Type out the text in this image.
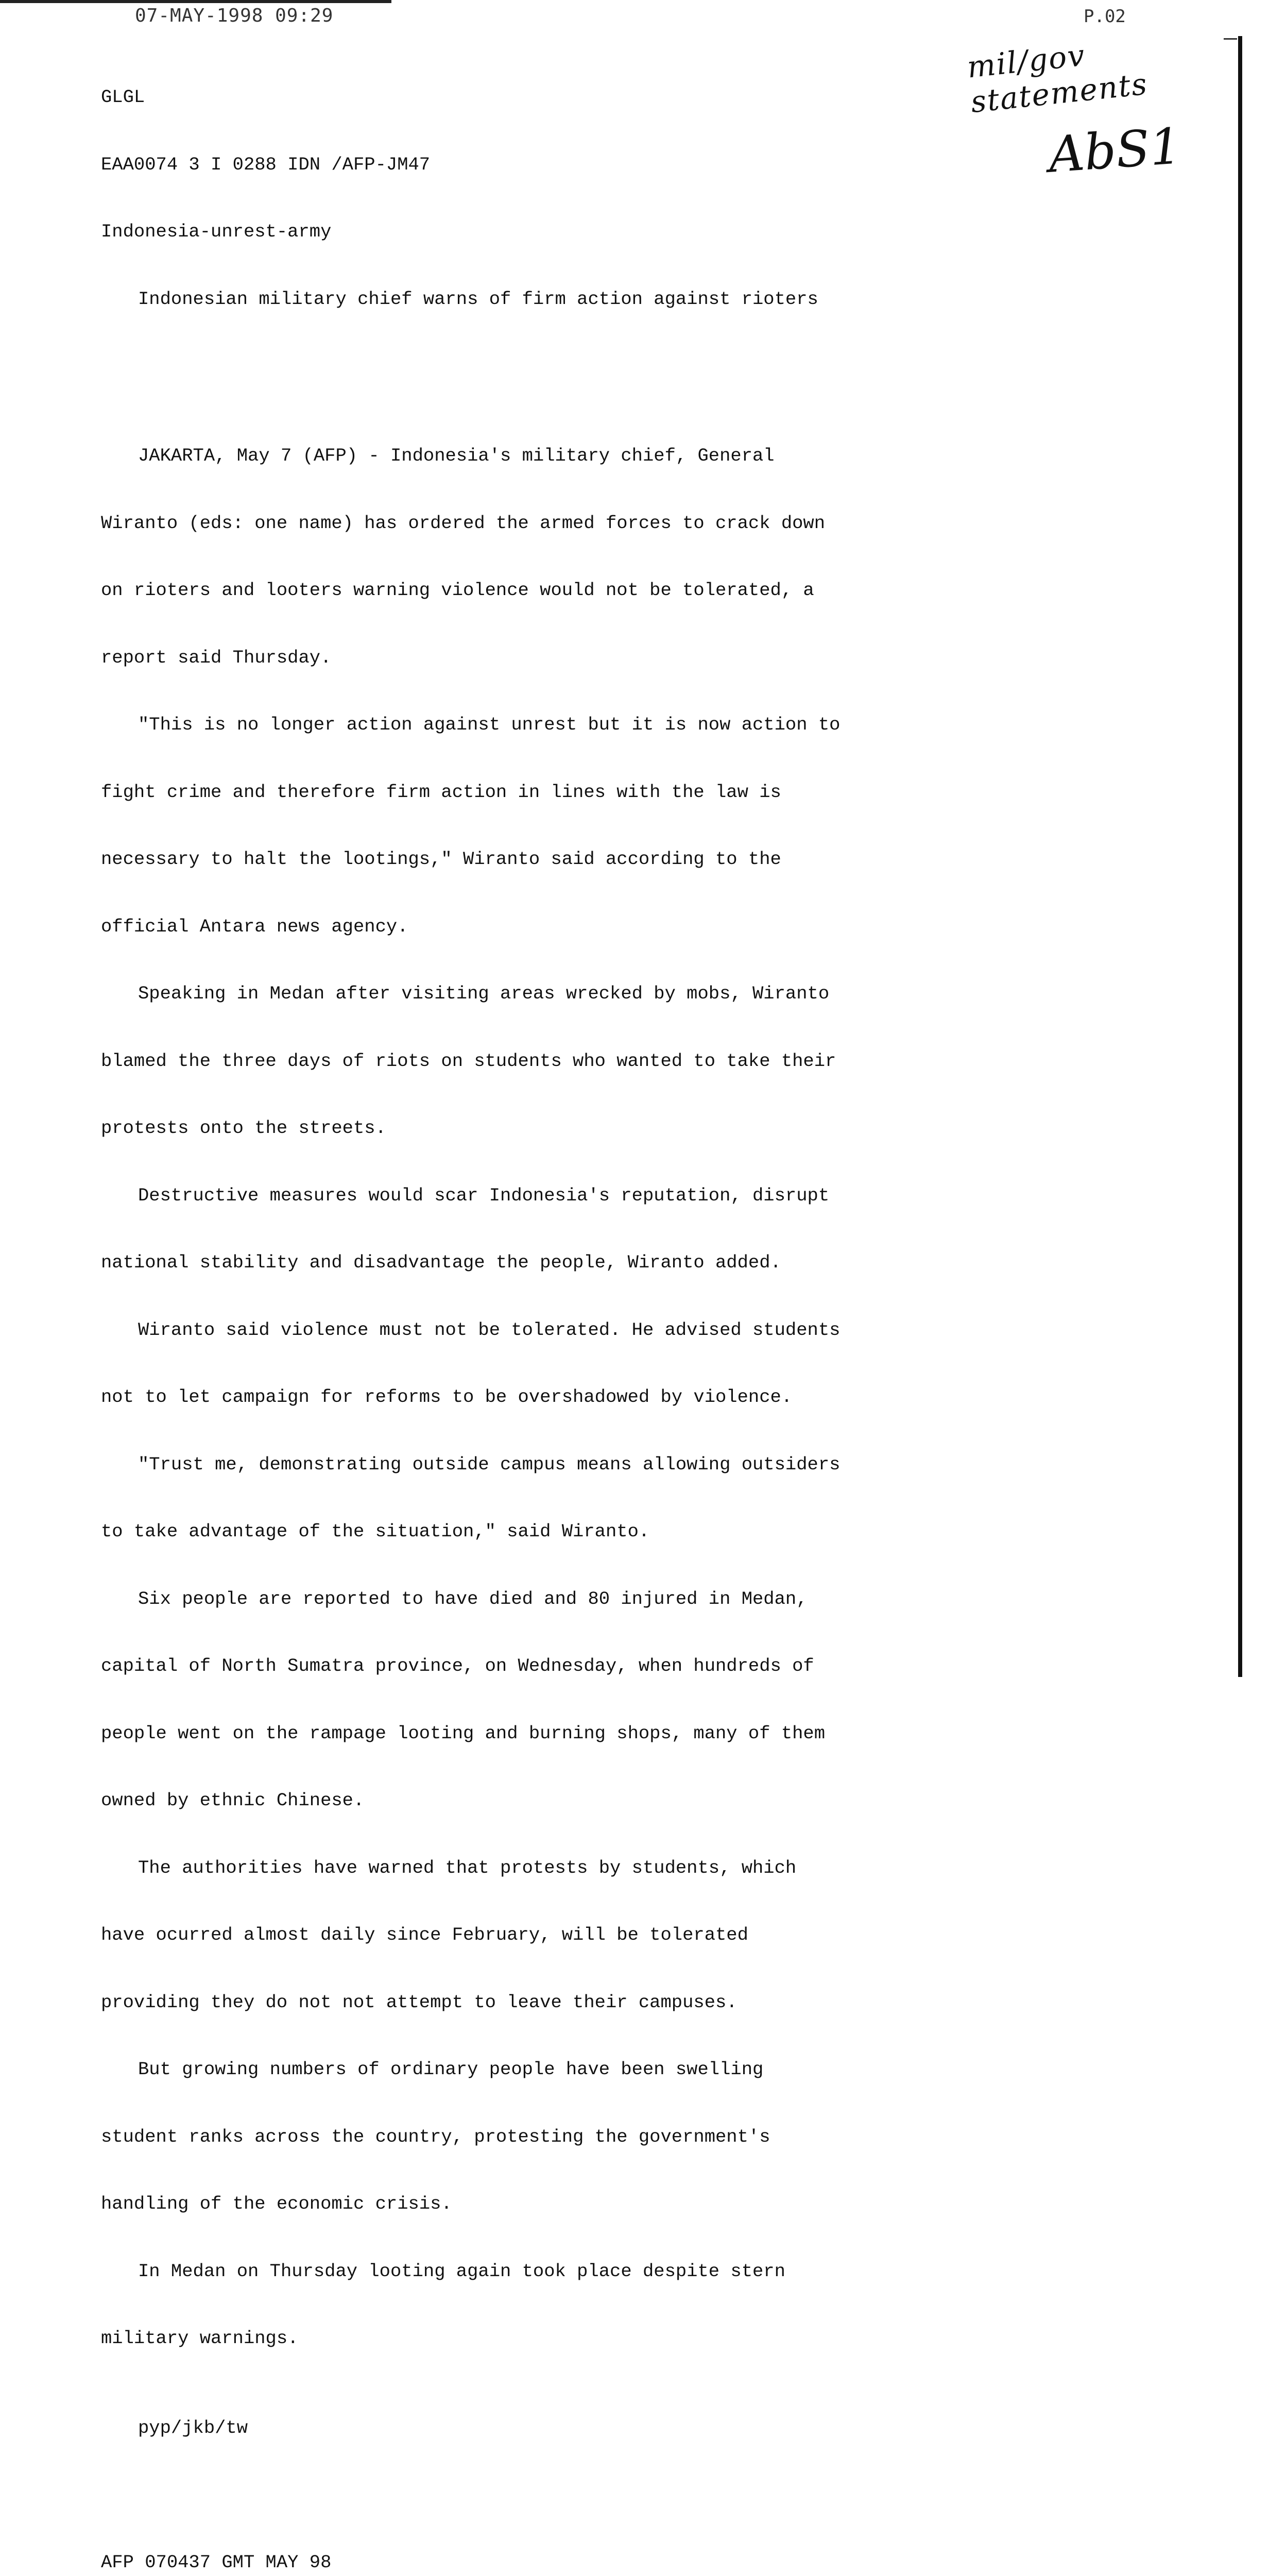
07-MAY-1998 09:29	P.02
mil/gov statements
AbS1

GLGL

EAA0074 3 I 0288 IDN /AFP-JM47

Indonesia-unrest-army

Indonesian military chief warns of firm action against rioters

JAKARTA, May 7 (AFP) - Indonesia's military chief, General

Wiranto (eds: one name) has ordered the armed forces to crack down

on rioters and looters warning violence would not be tolerated, a

report said Thursday.

"This is no longer action against unrest but it is now action to

fight crime and therefore firm action in lines with the law is

necessary to halt the lootings," Wiranto said according to the

official Antara news agency.

Speaking in Medan after visiting areas wrecked by mobs, Wiranto

blamed the three days of riots on students who wanted to take their

protests onto the streets.

Destructive measures would scar Indonesia's reputation, disrupt

national stability and disadvantage the people, Wiranto added.

Wiranto said violence must not be tolerated. He advised students

not to let campaign for reforms to be overshadowed by violence.

"Trust me, demonstrating outside campus means allowing outsiders

to take advantage of the situation," said Wiranto.

Six people are reported to have died and 80 injured in Medan,

capital of North Sumatra province, on Wednesday, when hundreds of

people went on the rampage looting and burning shops, many of them

owned by ethnic Chinese.

The authorities have warned that protests by students, which

have ocurred almost daily since February, will be tolerated

providing they do not not attempt to leave their campuses.

But growing numbers of ordinary people have been swelling

student ranks across the country, protesting the government's

handling of the economic crisis.

In Medan on Thursday looting again took place despite stern

military warnings.

pyp/jkb/tw

AFP 070437 GMT MAY 98
